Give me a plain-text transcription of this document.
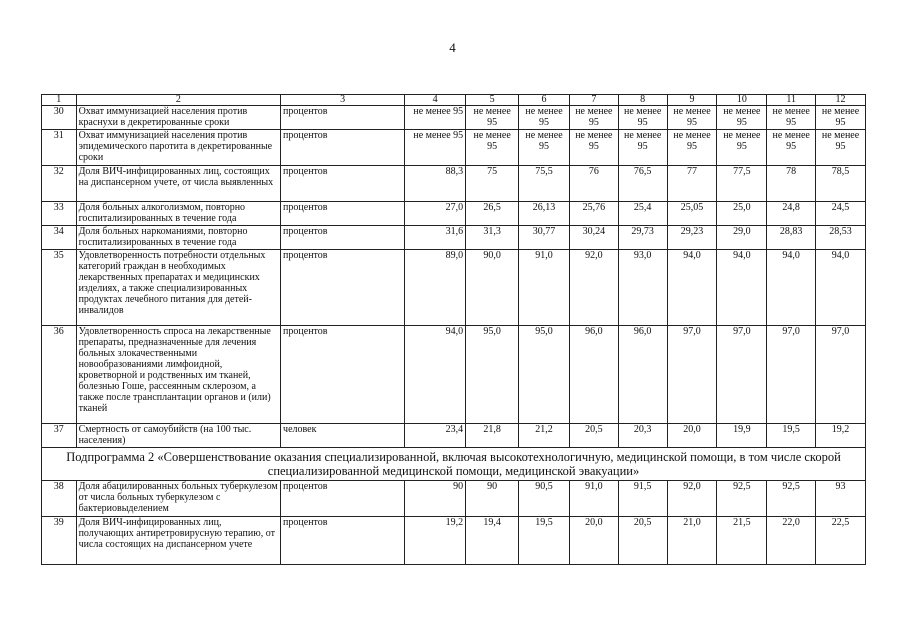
4
1	2	3	4	5	6	7	8	9	10	11	12
30	Охват иммунизацией населения против краснухи в декретированные сроки	процентов	не менее 95	не менее 95	не менее 95	не менее 95	не менее 95	не менее 95	не менее 95	не менее 95	не менее 95
31	Охват иммунизацией населения против эпидемического паротита в декретированные сроки	процентов	не менее 95	не менее 95	не менее 95	не менее 95	не менее 95	не менее 95	не менее 95	не менее 95	не менее 95
32	Доля ВИЧ-инфицированных лиц, состоящих на диспансерном учете, от числа выявленных	процентов	88,3	75	75,5	76	76,5	77	77,5	78	78,5
33	Доля больных алкоголизмом, повторно госпитализированных в течение года	процентов	27,0	26,5	26,13	25,76	25,4	25,05	25,0	24,8	24,5
34	Доля больных наркоманиями, повторно госпитализированных в течение года	процентов	31,6	31,3	30,77	30,24	29,73	29,23	29,0	28,83	28,53
35	Удовлетворенность потребности отдельных категорий граждан в необходимых лекарственных препаратах и медицинских изделиях, а также специализированных продуктах лечебного питания для детей-инвалидов	процентов	89,0	90,0	91,0	92,0	93,0	94,0	94,0	94,0	94,0
36	Удовлетворенность спроса на лекарственные препараты, предназначенные для лечения больных злокачественными новообразованиями лимфоидной, кроветворной и родственных им тканей, болезнью Гоше, рассеянным склерозом, а также после трансплантации органов и (или) тканей	процентов	94,0	95,0	95,0	96,0	96,0	97,0	97,0	97,0	97,0
37	Смертность от самоубийств (на 100 тыс. населения)	человек	23,4	21,8	21,2	20,5	20,3	20,0	19,9	19,5	19,2
Подпрограмма 2 «Совершенствование оказания специализированной, включая высокотехнологичную, медицинской помощи, в том числе скорой специализированной медицинской помощи, медицинской эвакуации»											
38	Доля абацилированных больных туберкулезом от числа больных туберкулезом с бактериовыделением	процентов	90	90	90,5	91,0	91,5	92,0	92,5	92,5	93
39	Доля ВИЧ-инфицированных лиц, получающих антиретровирусную терапию, от числа состоящих на диспансерном учете	процентов	19,2	19,4	19,5	20,0	20,5	21,0	21,5	22,0	22,5
